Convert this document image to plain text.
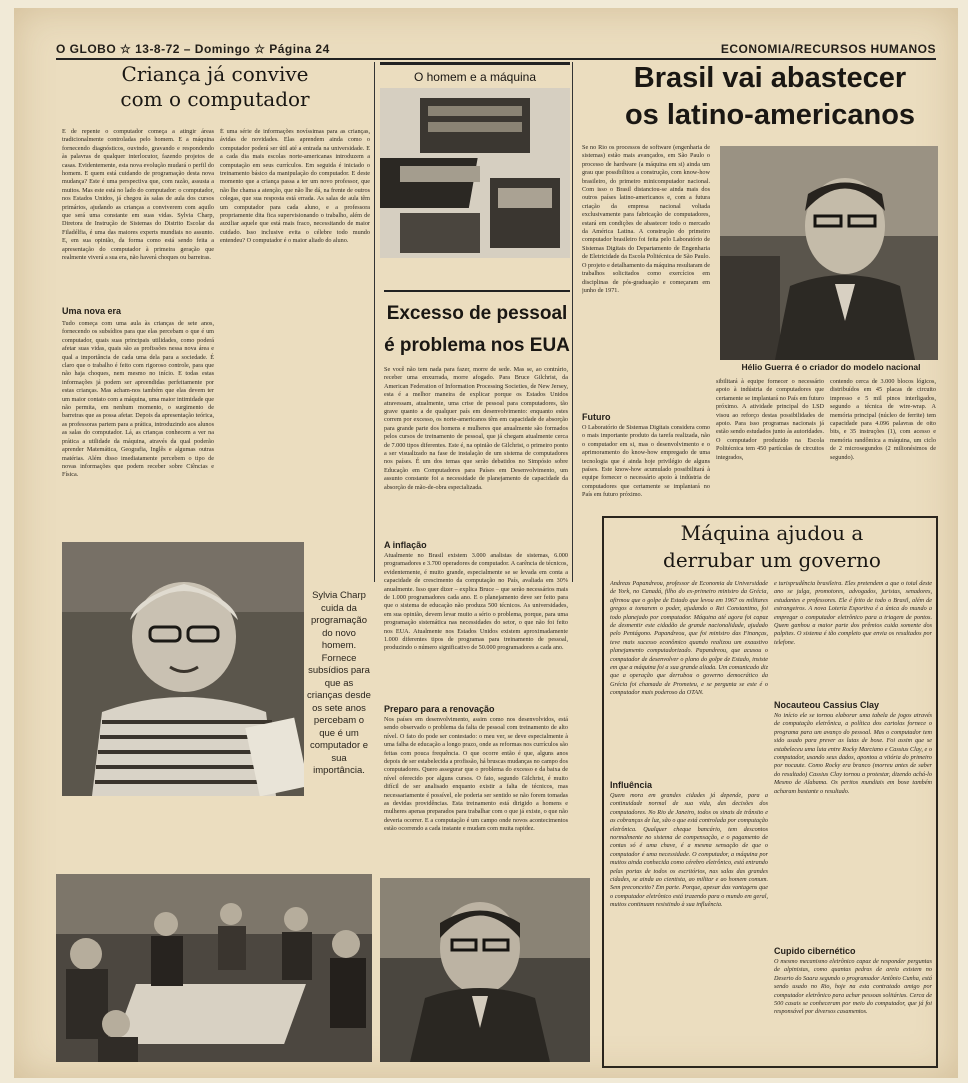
O GLOBO ☆ 13-8-72 – Domingo ☆ Página 24	ECONOMIA/RECURSOS HUMANOS
Criança já convive
com o computador
E de repente o computador começa a atingir áreas tradicionalmente controladas pelo homem. E a máquina fornecendo diagnósticos, ouvindo, gravando e respondendo às palavras de qualquer interlocutor, fazendo projetos de casas. Evidentemente, esta nova evolução mudará o perfil do homem. E quem está cuidando de programação desta nova mudança? Este é uma perspectiva que, com razão, assusta a muitos. Mas este está no lado do computador: o computador, nos Estados Unidos, já chegou às salas de aula dos cursos primários, ajudando as crianças a conviverem com aquilo que será uma constante em suas vidas. Sylvia Charp, Diretora de Instrução de Sistemas do Distrito Escolar da Filadélfia, é uma das maiores experts mundiais no assunto. E, em sua opinião, da forma como está sendo feita a apresentação do computador à primeira geração que realmente viverá a sua era, não haverá choques ou barreiras.
É uma série de informações novíssimas para as crianças, ávidas de novidades. Elas aprendem ainda como o computador poderá ser útil até a entrada na universidade. E a cada dia mais escolas norte-americanas introduzem a computação em seus currículos. Em seguida é iniciado o treinamento básico da manipulação do computador. E deste momento que a criança passa a ter um novo professor, que não lhe chama a atenção, que não lhe dá, na frente de outros colegas, que sua resposta está errada. As salas de aula têm um computador para cada aluno, e a professora propriamente dita fica supervisionando o trabalho, além de auxiliar aquele que está mais fraco, necessitando de maior cuidado. Isso inclusive evita o célebre todo mundo entendeu? O computador é o maior aliado do aluno.
Uma nova era
Tudo começa com uma aula às crianças de sete anos, fornecendo os subsídios para que elas percebam o que é um computador, quais suas principais utilidades, como poderá afetar suas vidas, quais são as profissões nessa nova área e qual a importância de cada uma dela para a sociedade. É claro que o trabalho é feito com rigoroso controle, para que não haja choques, nem mesmo no início. E todas estas informações já podem ser apreendidas perfeitamente por estas crianças. Mas acham-nos também que elas devem ter um maior contato com a máquina, uma maior intimidade que não permita, em nenhum momento, o surgimento de barreiras que as possa afetar. Depois da apresentação teórica, as professoras partem para a prática, introduzindo aos alunos as salas do computador. Lá, as crianças conhecem a ver na prática a utilidade da máquina, através da qual poderão aprender Matemática, Geografia, Inglês e algumas outras matérias. Além disso imediatamente percebem o tipo de novas informações que podem receber sobre Ciências e Física.
Sylvia Charp cuida da programação do novo homem. Fornece subsídios para que as crianças desde os sete anos percebam o que é um computador e sua importância.
O homem e a máquina
Excesso de pessoal
é problema nos EUA
Se você não tem nada para fazer, morre de sede. Mas se, ao contrário, receber uma enxurrada, morre afogado. Para Bruce Gilchrist, da American Federation of Information Processing Societies, de New Jersey, esta é a melhor maneira de explicar porque os Estados Unidos atravessam, atualmente, uma crise de pessoal para computadores, tão grave quanto a de qualquer país em desenvolvimento: enquanto estes correm por excesso, os norte-americanos têm em capacidade de absorção para grande parte dos homens e mulheres que anualmente são formados pelos cursos de treinamento de pessoal, que já chegam atualmente cerca de 7.000 tipos diferentes. Este é, na opinião de Gilchrist, o primeiro ponto a ser visualizado na fase de instalação de um sistema de computadores nos países. É um dos temas que serão debatidos no Simpósio sobre Educação em Computadores para Países em Desenvolvimento, um assunto constante foi a necessidade de planejamento de capacidade da absorção de mão-de-obra especializada.
A inflação
Atualmente no Brasil existem 3.000 analistas de sistemas, 6.000 programadores e 3.700 operadores de computador. A carência de técnicos, evidentemente, é muito grande, especialmente se se levada em conta a capacidade de crescimento da computação no País, avaliada em 30% anualmente. Isso quer dizer – explica Bruce – que serão necessários mais de 1.000 programadores cada ano. E o planejamento deve ser feito para que o sistema de educação não produza 500 técnicos. As universidades, em sua opinião, devem levar muito a sério o problema, porque, para uma programação sistemática nas necessidades do setor, o que não foi feito nos EUA. Atualmente nos Estados Unidos existem aproximadamente 1.000 diferentes tipos de programas para treinamento de pessoal, produzindo o número significativo de 50.000 programadores a cada ano.
Preparo para a renovação
Nos países em desenvolvimento, assim como nos desenvolvidos, está sendo observado o problema da falta de pessoal com treinamento de alto nível. O fato do pode ser contestado: o meu ver, se deve especialmente à uma falha de educação a longo prazo, onde as reformas nos currículos são feitas com pouca frequência. O que ocorre então é que, alguns anos depois de ser estabelecida a profissão, há bruscas mudanças no campo dos computadores. Quero assegurar que o problema do excesso e da baixa de nível oferecido por alguns cursos. O fato, segundo Gilchrist, é muito difícil de ser analisado enquanto existir a falta de técnicos, mas necessariamente é possível, ele poderia ser sentido se não forem tomadas as devidas providências. Esta treinamento está dirigido a homens e mulheres apenas preparados para trabalhar com o que já existe, o que não deveria ocorrer. E a computação é um campo onde novos acontecimentos estão ocorrendo a cada instante e mudam com muita rapidez.
Brasil vai abastecer
os latino-americanos
Se no Rio os processos de software (engenharia de sistemas) estão mais avançados, em São Paulo o processo de hardware (a máquina em si) ainda um grau que possibilitou a construção, com know-how brasileiro, do primeiro minicomputador nacional. Com isso o Brasil distanciou-se ainda mais dos outros países latino-americanos e, com a futura criação da empresa nacional voltada exclusivamente para fabricação de computadores, estará em condições de abastecer todo o mercado da América Latina. A construção do primeiro computador brasileiro foi feita pelo Laboratório de Sistemas Digitais do Departamento de Engenharia de Eletricidade da Escola Politécnica de São Paulo. O projeto e detalhamento da máquina resultaram de trabalhos solicitados como exercícios em disciplinas de pós-graduação e começaram em junho de 1971.
Futuro
O Laboratório de Sistemas Digitais considera como o mais importante produto da tarefa realizada, não o computador em si, mas o desenvolvimento e o aprimoramento do know-how empregado de uma tecnologia que é ainda hoje privilégio de alguns países. Este know-how acumulado possibilitará à equipe fornecer o necessário apoio à indústria de computadores que certamente se implantará no País em futuro próximo.
Hélio Guerra é o criador do modelo nacional
sibilitará à equipe fornecer o necessário apoio à indústria de computadores que certamente se implantará no País em futuro próximo. A atividade principal do LSD visou ao reforço destas possibilidades de apoio. Para isso programas nacionais já estão sendo estudados junto às autoridades. O computador produzido na Escola Politécnica tem 450 partículas de circuitos integrados,
contendo cerca de 3.000 blocos lógicos, distribuídos em 45 placas de circuito impresso e 5 mil pinos interligados, segundo a técnica de wire-wrap. A memória principal (núcleo de ferrite) tem capacidade para 4.096 palavras de oito bits, e 35 instruções (1), com acesso e memória randômica a máquina, um ciclo de 2 microsegundos (2 milionésimos de segundo).
Máquina ajudou a
derrubar um governo
Andreas Papandreou, professor de Economia da Universidade de York, no Canadá, filho do ex-primeiro ministro da Grécia, afirmou que o golpe de Estado que levou em 1967 os militares gregos a tomarem o poder, ajudando o Rei Constantino, foi todo planejado por computador. Máquina até agora foi capaz de desmentir este cidadão de grande nacionalidade, ajudado pelo Pentágono. Papandreou, que foi ministro das Finanças, teve mais sucesso econômico quando realizou um exaustivo planejamento computadorizado. Papandreou, que acusou o computador de desenvolver o plano do golpe de Estado, insiste em que a máquina foi a sua grande aliada. Um comunicado diz que a operação que derrubou o governo democrático da Grécia foi chamada de Prometeu, e se pergunta se este é o computador mais poderoso da OTAN.
Influência
Quem mora em grandes cidades já depende, para a continuidade normal de sua vida, das decisões dos computadores. No Rio de Janeiro, todos os sinais de trânsito e as cobranças de luz, são o que está controlada por computação eletrônica. Qualquer cheque bancário, tem descontos normalmente no sistema de compensação, e o pagamento de contas só é uma chave, é a mesma sensação de que o computador é uma necessidade. O computador, a máquina por muitos ainda conhecida como cérebro eletrônico, está entrando pelas portas de todos os escritórios, nas salas das grandes cidades, se ainda ao cientista, ao militar e ao homem comum. Sem preconceito? Em parte. Porque, apesar das vantagens que o computador eletrônico está trazendo para o mundo em geral, muitos continuam resistindo à sua influência.
e turisprudência brasileira. Eles pretendem a que o total deste ano se julga, promotores, advogados, juristas, senadores, estudantes e professores. Ele é feito de todo o Brasil, além de estrangeiros. A nova Loteria Esportiva é a única do mundo a empregar o computador eletrônico para a triagem de pontos. Quem ganhou a maior parte dos prêmios cuida somente dos palpites. O sistema é tão completo que envia os resultados por telefone.
Nocauteou Cassius Clay
No início ele se tornou elaborar uma tabela de jogos através de computação eletrônica, a política dos cartolas fornece o programa para um avanço do pessoal. Mas o computador tem sido usado para prever as lutas de boxe. Foi assim que se estabeleceu uma luta entre Rocky Marciano e Cassius Clay, e o computador, usando seus dados, apontou a vitória do primeiro por nocaute. Como Rocky era branco (morreu antes de saber do resultado) Cassius Clay tornou a protestar, dizendo achá-lo Mesmo de Alabama. Os peritos mundiais em boxe também acharam bastante o resultado.
Cupido cibernético
O mesmo mecanismo eletrônico capaz de responder perguntas de alpinistas, como quantas pedras de areia existem no Deserto do Saara segundo o programador Antônio Cunha, está sendo usado no Rio, hoje na esta contratado amigo por computador eletrônico para achar pessoas solitárias. Cerca de 500 casais se conheceram por meio do computador, que já foi responsável por diversos casamentos.
